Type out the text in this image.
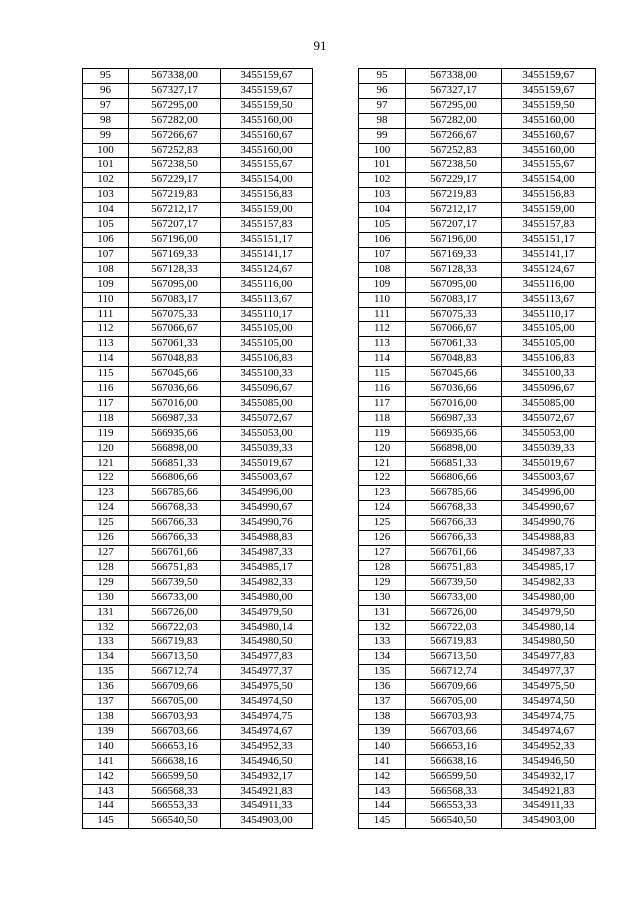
91
95	567338,00	3455159,67
96	567327,17	3455159,67
97	567295,00	3455159,50
98	567282,00	3455160,00
99	567266,67	3455160,67
100	567252,83	3455160,00
101	567238,50	3455155,67
102	567229,17	3455154,00
103	567219,83	3455156,83
104	567212,17	3455159,00
105	567207,17	3455157,83
106	567196,00	3455151,17
107	567169,33	3455141,17
108	567128,33	3455124,67
109	567095,00	3455116,00
110	567083,17	3455113,67
111	567075,33	3455110,17
112	567066,67	3455105,00
113	567061,33	3455105,00
114	567048,83	3455106,83
115	567045,66	3455100,33
116	567036,66	3455096,67
117	567016,00	3455085,00
118	566987,33	3455072,67
119	566935,66	3455053,00
120	566898,00	3455039,33
121	566851,33	3455019,67
122	566806,66	3455003,67
123	566785,66	3454996,00
124	566768,33	3454990,67
125	566766,33	3454990,76
126	566766,33	3454988,83
127	566761,66	3454987,33
128	566751,83	3454985,17
129	566739,50	3454982,33
130	566733,00	3454980,00
131	566726,00	3454979,50
132	566722,03	3454980,14
133	566719,83	3454980,50
134	566713,50	3454977,83
135	566712,74	3454977,37
136	566709,66	3454975,50
137	566705,00	3454974,50
138	566703,93	3454974,75
139	566703,66	3454974,67
140	566653,16	3454952,33
141	566638,16	3454946,50
142	566599,50	3454932,17
143	566568,33	3454921,83
144	566553,33	3454911,33
145	566540,50	3454903,00
95	567338,00	3455159,67
96	567327,17	3455159,67
97	567295,00	3455159,50
98	567282,00	3455160,00
99	567266,67	3455160,67
100	567252,83	3455160,00
101	567238,50	3455155,67
102	567229,17	3455154,00
103	567219,83	3455156,83
104	567212,17	3455159,00
105	567207,17	3455157,83
106	567196,00	3455151,17
107	567169,33	3455141,17
108	567128,33	3455124,67
109	567095,00	3455116,00
110	567083,17	3455113,67
111	567075,33	3455110,17
112	567066,67	3455105,00
113	567061,33	3455105,00
114	567048,83	3455106,83
115	567045,66	3455100,33
116	567036,66	3455096,67
117	567016,00	3455085,00
118	566987,33	3455072,67
119	566935,66	3455053,00
120	566898,00	3455039,33
121	566851,33	3455019,67
122	566806,66	3455003,67
123	566785,66	3454996,00
124	566768,33	3454990,67
125	566766,33	3454990,76
126	566766,33	3454988,83
127	566761,66	3454987,33
128	566751,83	3454985,17
129	566739,50	3454982,33
130	566733,00	3454980,00
131	566726,00	3454979,50
132	566722,03	3454980,14
133	566719,83	3454980,50
134	566713,50	3454977,83
135	566712,74	3454977,37
136	566709,66	3454975,50
137	566705,00	3454974,50
138	566703,93	3454974,75
139	566703,66	3454974,67
140	566653,16	3454952,33
141	566638,16	3454946,50
142	566599,50	3454932,17
143	566568,33	3454921,83
144	566553,33	3454911,33
145	566540,50	3454903,00
